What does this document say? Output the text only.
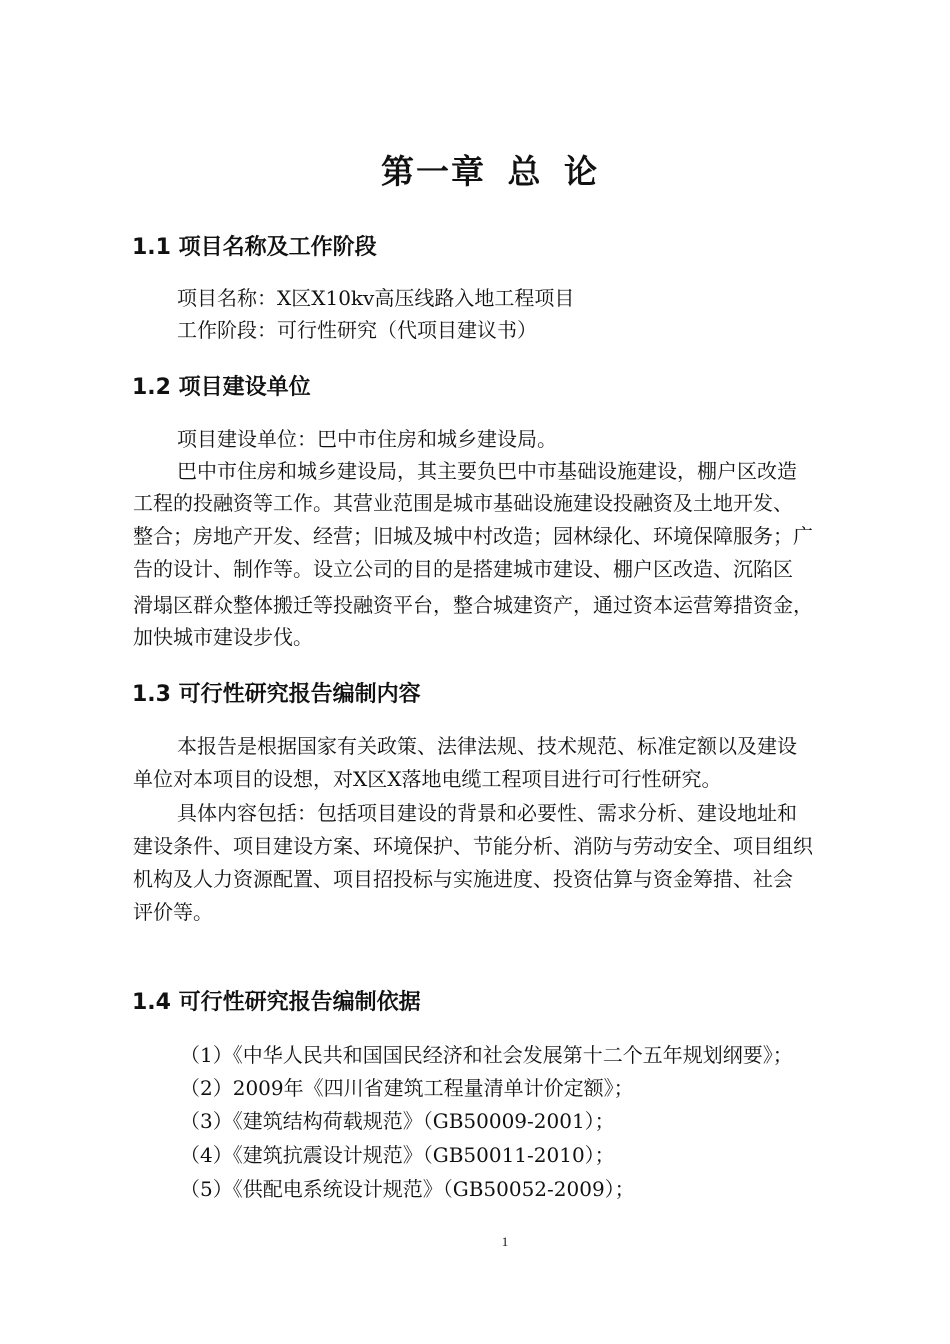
第一章 总 论
1.1 项目名称及工作阶段
项目名称：X区X10kv高压线路入地工程项目
工作阶段：可行性研究（代项目建议书）
1.2 项目建设单位
项目建设单位：巴中市住房和城乡建设局。
巴中市住房和城乡建设局，其主要负巴中市基础设施建设，棚户区改造
工程的投融资等工作。其营业范围是城市基础设施建设投融资及土地开发、
整合；房地产开发、经营；旧城及城中村改造；园林绿化、环境保障服务；广
告的设计、制作等。设立公司的目的是搭建城市建设、棚户区改造、沉陷区
滑塌区群众整体搬迁等投融资平台，整合城建资产，通过资本运营筹措资金，
加快城市建设步伐。
1.3 可行性研究报告编制内容
本报告是根据国家有关政策、法律法规、技术规范、标准定额以及建设
单位对本项目的设想，对X区X落地电缆工程项目进行可行性研究。
具体内容包括：包括项目建设的背景和必要性、需求分析、建设地址和
建设条件、项目建设方案、环境保护、节能分析、消防与劳动安全、项目组织
机构及人力资源配置、项目招投标与实施进度、投资估算与资金筹措、社会
评价等。
1.4 可行性研究报告编制依据
（1）《中华人民共和国国民经济和社会发展第十二个五年规划纲要》；
（2）2009年《四川省建筑工程量清单计价定额》；
（3）《建筑结构荷载规范》（GB50009-2001）；
（4）《建筑抗震设计规范》（GB50011-2010）；
（5）《供配电系统设计规范》（GB50052-2009）；
1
